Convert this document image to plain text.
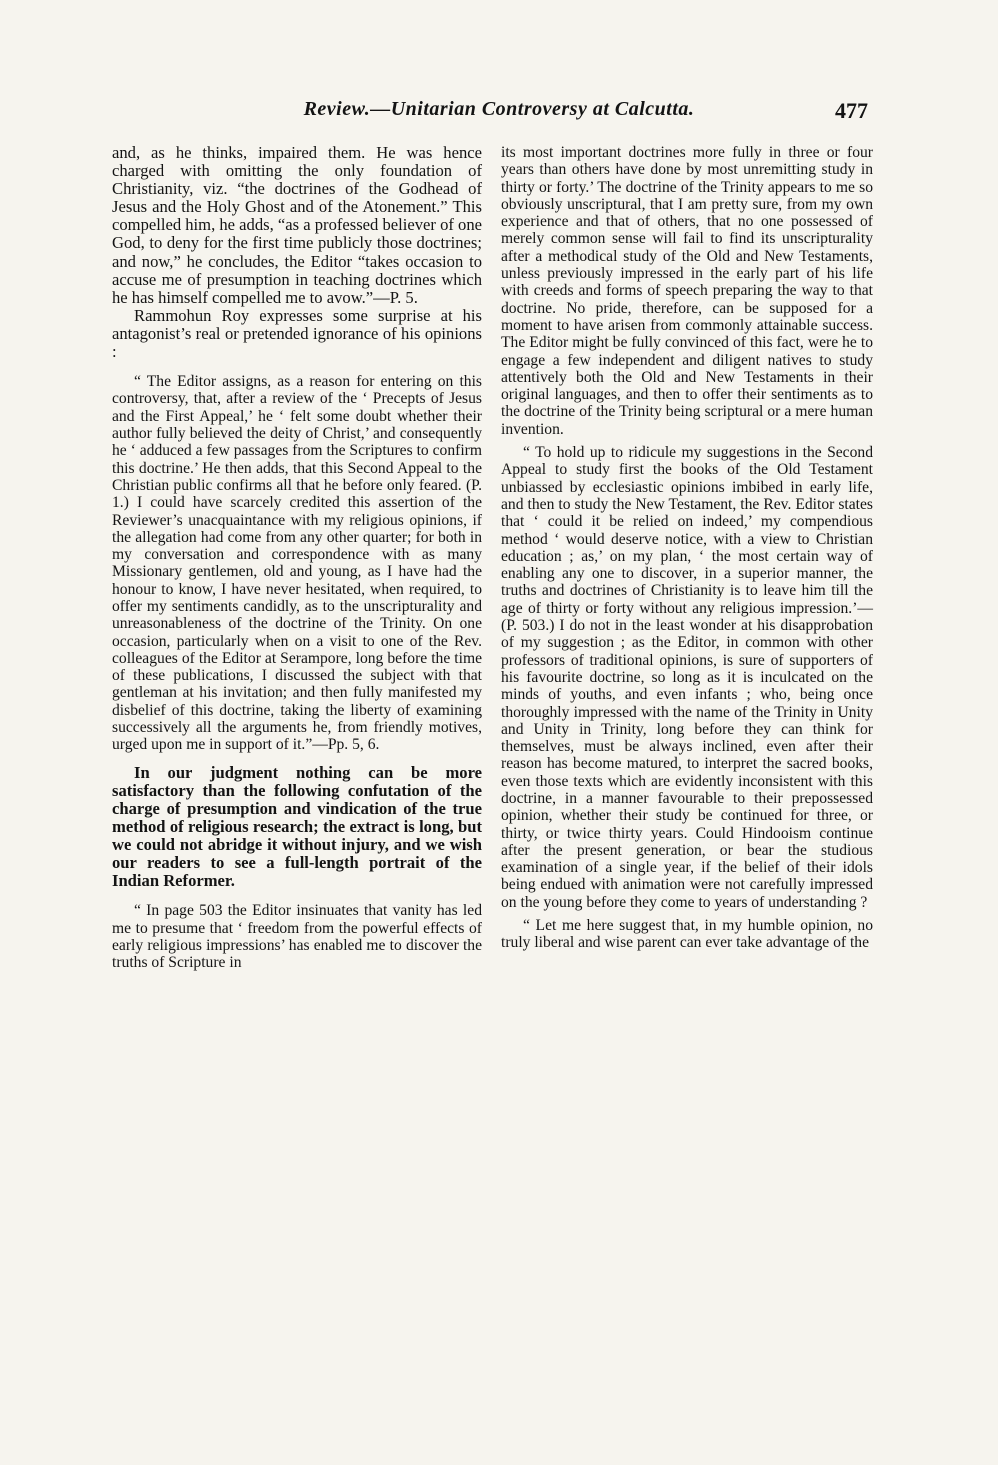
Review.—Unitarian Controversy at Calcutta.	477

and, as he thinks, impaired them. He was hence charged with omitting the only foundation of Christianity, viz. “the doctrines of the Godhead of Jesus and the Holy Ghost and of the Atonement.” This compelled him, he adds, “as a professed believer of one God, to deny for the first time publicly those doctrines; and now,” he concludes, the Editor “takes occasion to accuse me of presumption in teaching doctrines which he has himself compelled me to avow.”—P. 5.

Rammohun Roy expresses some surprise at his antagonist’s real or pretended ignorance of his opinions :

“ The Editor assigns, as a reason for entering on this controversy, that, after a review of the ‘ Precepts of Jesus and the First Appeal,’ he ‘ felt some doubt whether their author fully believed the deity of Christ,’ and consequently he ‘ adduced a few passages from the Scriptures to confirm this doctrine.’ He then adds, that this Second Appeal to the Christian public confirms all that he before only feared. (P. 1.) I could have scarcely credited this assertion of the Reviewer’s unacquaintance with my religious opinions, if the allegation had come from any other quarter; for both in my conversation and correspondence with as many Missionary gentlemen, old and young, as I have had the honour to know, I have never hesitated, when required, to offer my sentiments candidly, as to the unscripturality and unreasonableness of the doctrine of the Trinity. On one occasion, particularly when on a visit to one of the Rev. colleagues of the Editor at Serampore, long before the time of these publications, I discussed the subject with that gentleman at his invitation; and then fully manifested my disbelief of this doctrine, taking the liberty of examining successively all the arguments he, from friendly motives, urged upon me in support of it.”—Pp. 5, 6.

In our judgment nothing can be more satisfactory than the following confutation of the charge of presumption and vindication of the true method of religious research; the extract is long, but we could not abridge it without injury, and we wish our readers to see a full-length portrait of the Indian Reformer.

“ In page 503 the Editor insinuates that vanity has led me to presume that ‘ freedom from the powerful effects of early religious impressions’ has enabled me to discover the truths of Scripture in

its most important doctrines more fully in three or four years than others have done by most unremitting study in thirty or forty.’ The doctrine of the Trinity appears to me so obviously unscriptural, that I am pretty sure, from my own experience and that of others, that no one possessed of merely common sense will fail to find its unscripturality after a methodical study of the Old and New Testaments, unless previously impressed in the early part of his life with creeds and forms of speech preparing the way to that doctrine. No pride, therefore, can be supposed for a moment to have arisen from commonly attainable success. The Editor might be fully convinced of this fact, were he to engage a few independent and diligent natives to study attentively both the Old and New Testaments in their original languages, and then to offer their sentiments as to the doctrine of the Trinity being scriptural or a mere human invention.

“ To hold up to ridicule my suggestions in the Second Appeal to study first the books of the Old Testament unbiassed by ecclesiastic opinions imbibed in early life, and then to study the New Testament, the Rev. Editor states that ‘ could it be relied on indeed,’ my compendious method ‘ would deserve notice, with a view to Christian education ; as,’ on my plan, ‘ the most certain way of enabling any one to discover, in a superior manner, the truths and doctrines of Christianity is to leave him till the age of thirty or forty without any religious impression.’—(P. 503.) I do not in the least wonder at his disapprobation of my suggestion ; as the Editor, in common with other professors of traditional opinions, is sure of supporters of his favourite doctrine, so long as it is inculcated on the minds of youths, and even infants ; who, being once thoroughly impressed with the name of the Trinity in Unity and Unity in Trinity, long before they can think for themselves, must be always inclined, even after their reason has become matured, to interpret the sacred books, even those texts which are evidently inconsistent with this doctrine, in a manner favourable to their prepossessed opinion, whether their study be continued for three, or thirty, or twice thirty years. Could Hindooism continue after the present generation, or bear the studious examination of a single year, if the belief of their idols being endued with animation were not carefully impressed on the young before they come to years of understanding ?

“ Let me here suggest that, in my humble opinion, no truly liberal and wise parent can ever take advantage of the
